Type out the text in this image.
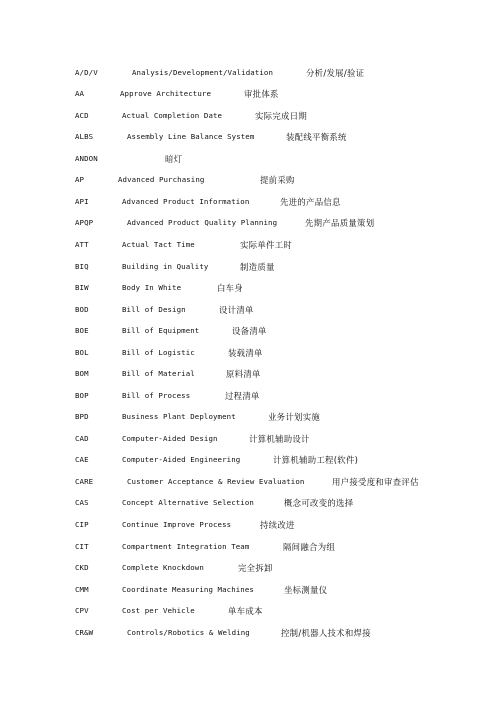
A/D/V	Analysis/Development/Validation	分析/发展/验证
AA	Approve Architecture	审批体系
ACD	Actual Completion Date	实际完成日期
ALBS	Assembly Line Balance System	装配线平衡系统
ANDON	暗灯
AP	Advanced Purchasing	提前采购
API	Advanced Product Information	先进的产品信息
APQP	Advanced Product Quality Planning	先期产品质量策划
ATT	Actual Tact Time	实际单件工时
BIQ	Building in Quality	制造质量
BIW	Body In White	白车身
BOD	Bill of Design	设计清单
BOE	Bill of Equipment	设备清单
BOL	Bill of Logistic	装载清单
BOM	Bill of Material	原料清单
BOP	Bill of Process	过程清单
BPD	Business Plant Deployment	业务计划实施
CAD	Computer-Aided Design	计算机辅助设计
CAE	Computer-Aided Engineering	计算机辅助工程(软件)
CARE	Customer Acceptance & Review Evaluation	用户接受度和审查评估
CAS	Concept Alternative Selection	概念可改变的选择
CIP	Continue Improve Process	持续改进
CIT	Compartment Integration Team	隔间融合为组
CKD	Complete Knockdown	完全拆卸
CMM	Coordinate Measuring Machines	坐标测量仪
CPV	Cost per Vehicle	单车成本
CR&W	Controls/Robotics & Welding	控制/机器人技术和焊接
